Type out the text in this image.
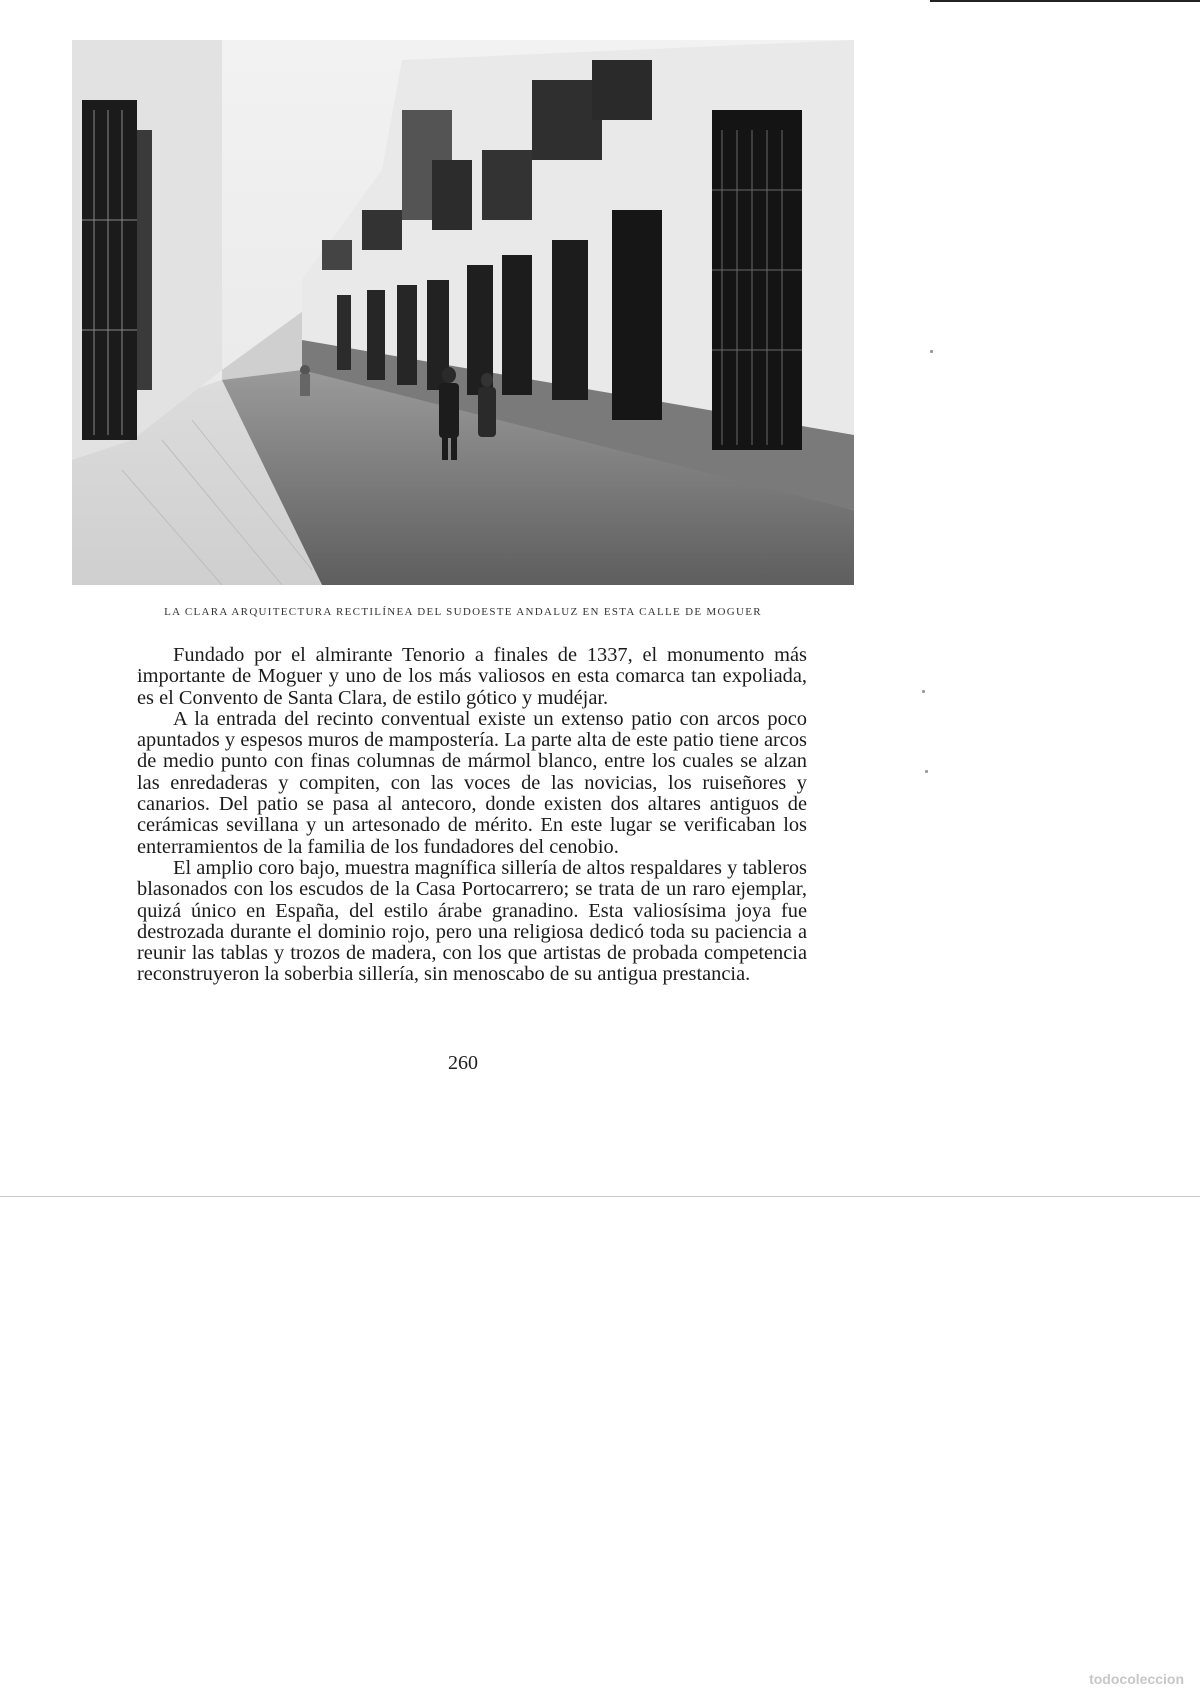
LA CLARA ARQUITECTURA RECTILÍNEA DEL SUDOESTE ANDALUZ EN ESTA CALLE DE MOGUER

Fundado por el almirante Tenorio a finales de 1337, el monumento más importante de Moguer y uno de los más valiosos en esta comarca tan expoliada, es el Convento de Santa Clara, de estilo gótico y mudéjar.

A la entrada del recinto conventual existe un extenso patio con arcos poco apuntados y espesos muros de mampostería. La parte alta de este patio tiene arcos de medio punto con finas columnas de mármol blanco, entre los cuales se alzan las enredaderas y compiten, con las voces de las novicias, los ruiseñores y canarios. Del patio se pasa al antecoro, donde existen dos altares antiguos de cerámicas sevillana y un artesonado de mérito. En este lugar se verificaban los enterramientos de la familia de los fundadores del cenobio.

El amplio coro bajo, muestra magnífica sillería de altos respaldares y tableros blasonados con los escudos de la Casa Portocarrero; se trata de un raro ejemplar, quizá único en España, del estilo árabe granadino. Esta valiosísima joya fue destrozada durante el dominio rojo, pero una religiosa dedicó toda su paciencia a reunir las tablas y trozos de madera, con los que artistas de probada competencia reconstruyeron la soberbia sillería, sin menoscabo de su antigua prestancia.

260
todocoleccion
